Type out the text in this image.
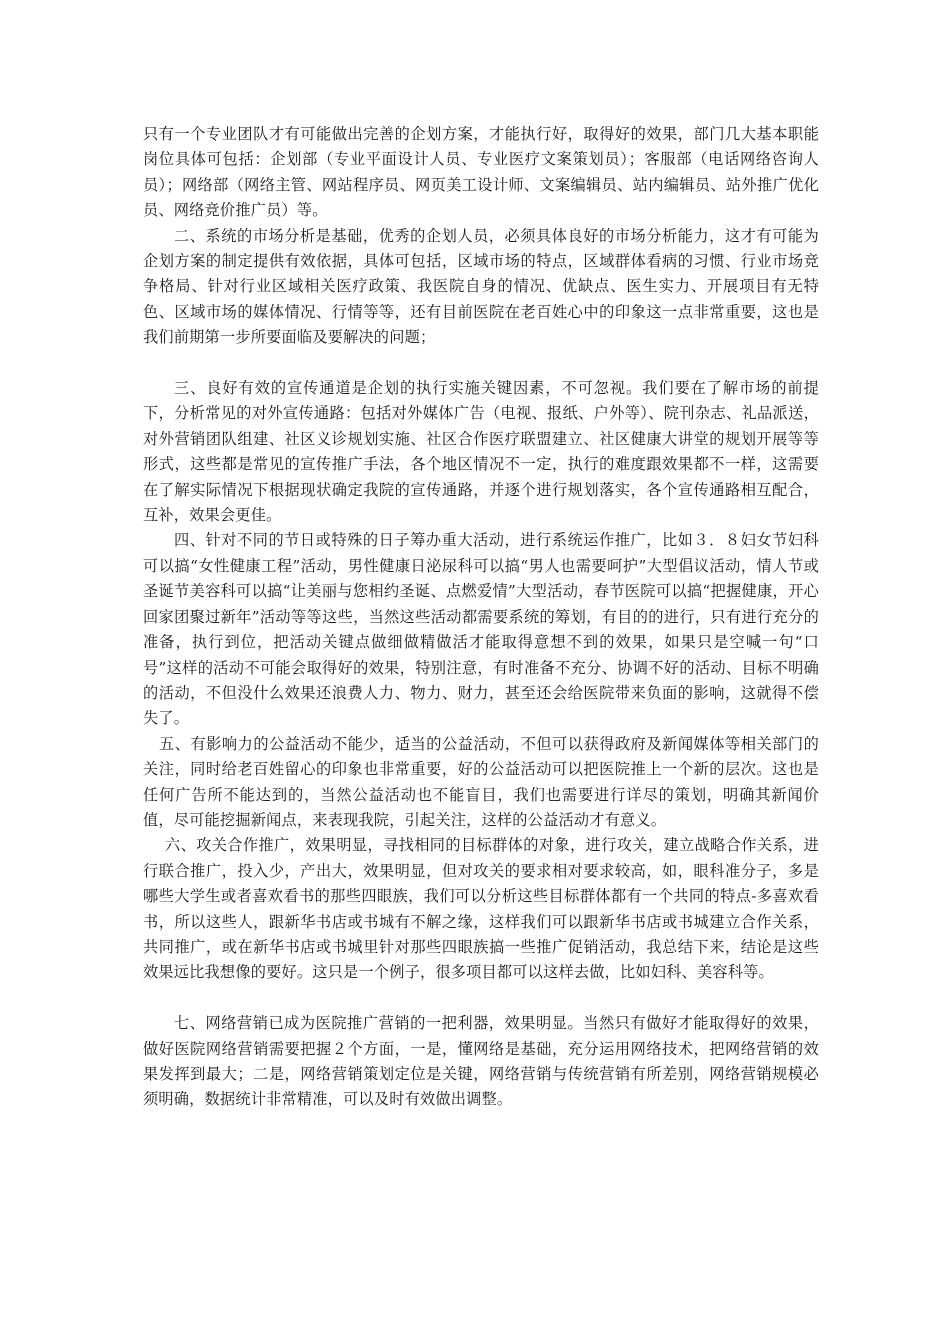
只有一个专业团队才有可能做出完善的企划方案，才能执行好，取得好的效果，部门几大基本职能岗位具体可包括：企划部（专业平面设计人员、专业医疗文案策划员）；客服部（电话网络咨询人员）；网络部（网络主管、网站程序员、网页美工设计师、文案编辑员、站内编辑员、站外推广优化员、网络竞价推广员）等。

二、系统的市场分析是基础，优秀的企划人员，必须具体良好的市场分析能力，这才有可能为企划方案的制定提供有效依据，具体可包括，区域市场的特点，区域群体看病的习惯、行业市场竞争格局、针对行业区域相关医疗政策、我医院自身的情况、优缺点、医生实力、开展项目有无特色、区域市场的媒体情况、行情等等，还有目前医院在老百姓心中的印象这一点非常重要，这也是我们前期第一步所要面临及要解决的问题；

三、良好有效的宣传通道是企划的执行实施关键因素，不可忽视。我们要在了解市场的前提下，分析常见的对外宣传通路：包括对外媒体广告（电视、报纸、户外等）、院刊杂志、礼品派送，对外营销团队组建、社区义诊规划实施、社区合作医疗联盟建立、社区健康大讲堂的规划开展等等形式，这些都是常见的宣传推广手法，各个地区情况不一定，执行的难度跟效果都不一样，这需要在了解实际情况下根据现状确定我院的宣传通路，并逐个进行规划落实，各个宣传通路相互配合，互补，效果会更佳。

四、针对不同的节日或特殊的日子筹办重大活动，进行系统运作推广，比如３．８妇女节妇科可以搞“女性健康工程”活动，男性健康日泌尿科可以搞“男人也需要呵护”大型倡议活动，情人节或圣诞节美容科可以搞“让美丽与您相约圣诞、点燃爱情”大型活动，春节医院可以搞“把握健康，开心回家团聚过新年”活动等等这些，当然这些活动都需要系统的筹划，有目的的进行，只有进行充分的准备，执行到位，把活动关键点做细做精做活才能取得意想不到的效果，如果只是空喊一句“口号”这样的活动不可能会取得好的效果，特别注意，有时准备不充分、协调不好的活动、目标不明确的活动，不但没什么效果还浪费人力、物力、财力，甚至还会给医院带来负面的影响，这就得不偿失了。

五、有影响力的公益活动不能少，适当的公益活动，不但可以获得政府及新闻媒体等相关部门的关注，同时给老百姓留心的印象也非常重要，好的公益活动可以把医院推上一个新的层次。这也是任何广告所不能达到的，当然公益活动也不能盲目，我们也需要进行详尽的策划，明确其新闻价值，尽可能挖掘新闻点，来表现我院，引起关注，这样的公益活动才有意义。

六、攻关合作推广，效果明显，寻找相同的目标群体的对象，进行攻关，建立战略合作关系，进行联合推广，投入少，产出大，效果明显，但对攻关的要求相对要求较高，如，眼科准分子，多是哪些大学生或者喜欢看书的那些四眼族，我们可以分析这些目标群体都有一个共同的特点-多喜欢看书，所以这些人，跟新华书店或书城有不解之缘，这样我们可以跟新华书店或书城建立合作关系，共同推广，或在新华书店或书城里针对那些四眼族搞一些推广促销活动，我总结下来，结论是这些效果远比我想像的要好。这只是一个例子，很多项目都可以这样去做，比如妇科、美容科等。

七、网络营销已成为医院推广营销的一把利器，效果明显。当然只有做好才能取得好的效果，做好医院网络营销需要把握２个方面，一是，懂网络是基础，充分运用网络技术，把网络营销的效果发挥到最大；二是，网络营销策划定位是关键，网络营销与传统营销有所差别，网络营销规模必须明确，数据统计非常精准，可以及时有效做出调整。
